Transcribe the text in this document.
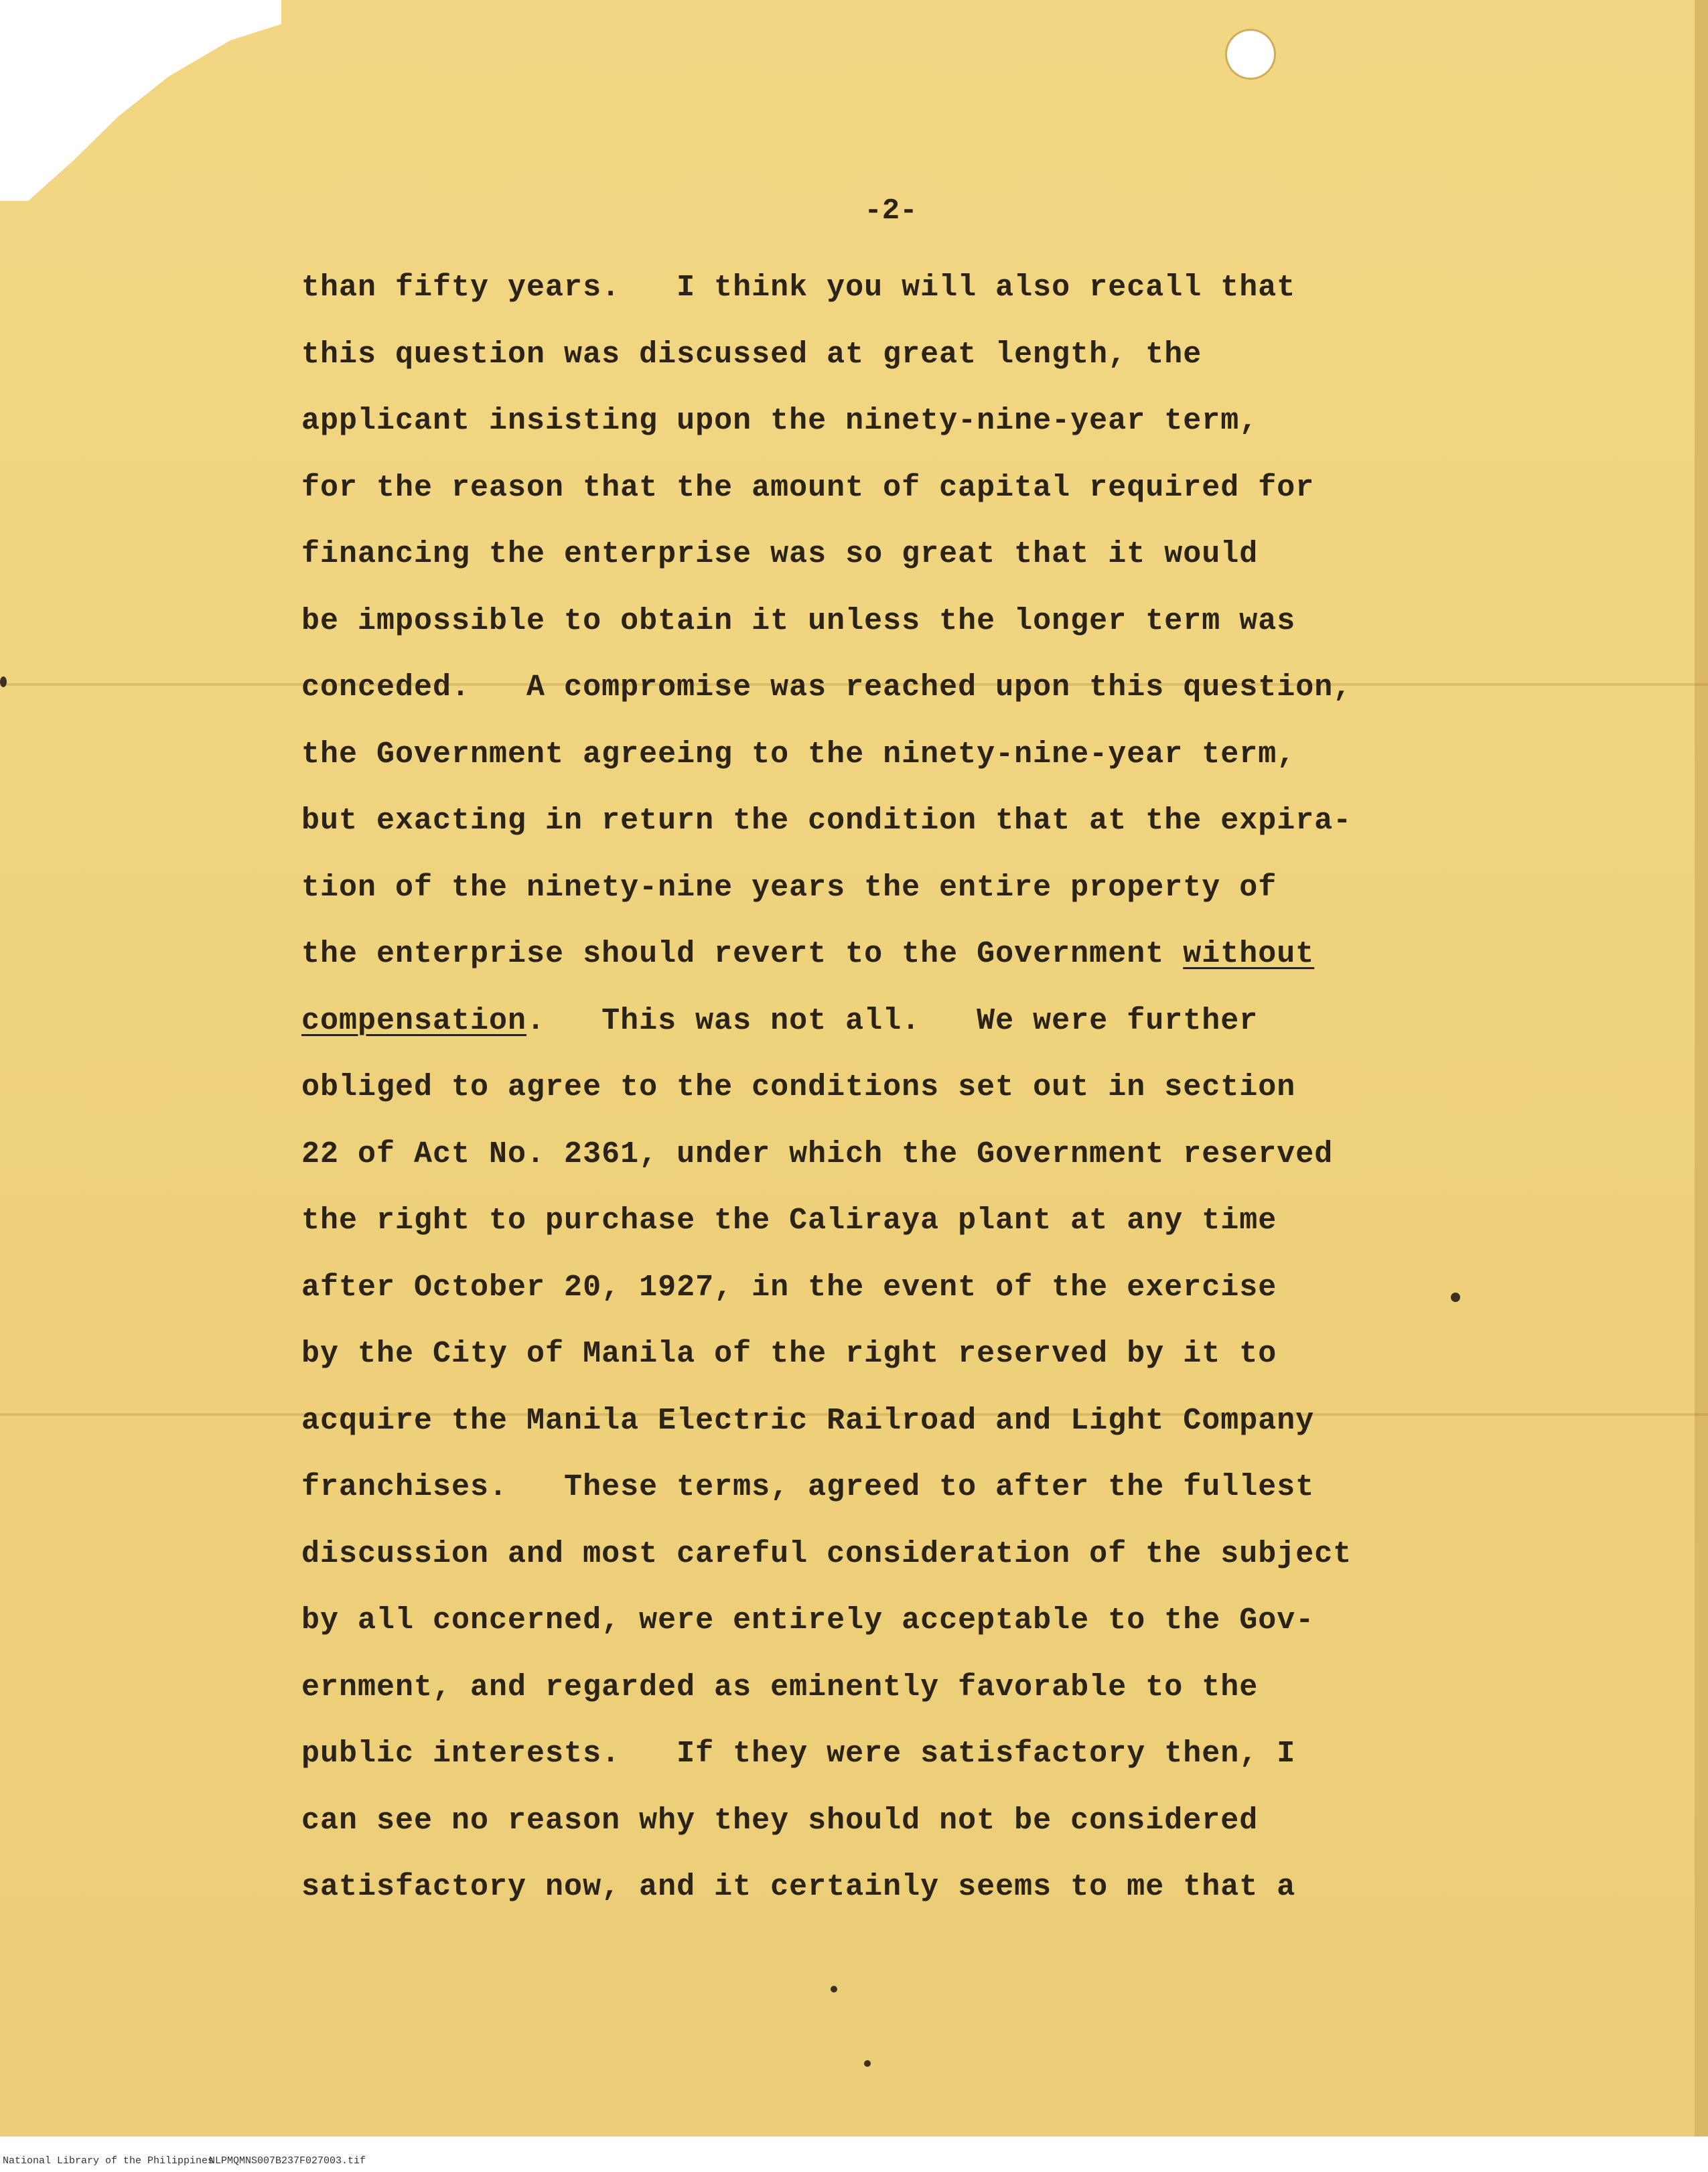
-2-
than fifty years.   I think you will also recall that
this question was discussed at great length, the
applicant insisting upon the ninety-nine-year term,
for the reason that the amount of capital required for
financing the enterprise was so great that it would
be impossible to obtain it unless the longer term was
conceded.   A compromise was reached upon this question,
the Government agreeing to the ninety-nine-year term,
but exacting in return the condition that at the expira-
tion of the ninety-nine years the entire property of
the enterprise should revert to the Government without
compensation.   This was not all.   We were further
obliged to agree to the conditions set out in section
22 of Act No. 2361, under which the Government reserved
the right to purchase the Caliraya plant at any time
after October 20, 1927, in the event of the exercise
by the City of Manila of the right reserved by it to
acquire the Manila Electric Railroad and Light Company
franchises.   These terms, agreed to after the fullest
discussion and most careful consideration of the subject
by all concerned, were entirely acceptable to the Gov-
ernment, and regarded as eminently favorable to the
public interests.   If they were satisfactory then, I
can see no reason why they should not be considered
satisfactory now, and it certainly seems to me that a
National Library of the Philippines
NLPMQMNS007B237F027003.tif
